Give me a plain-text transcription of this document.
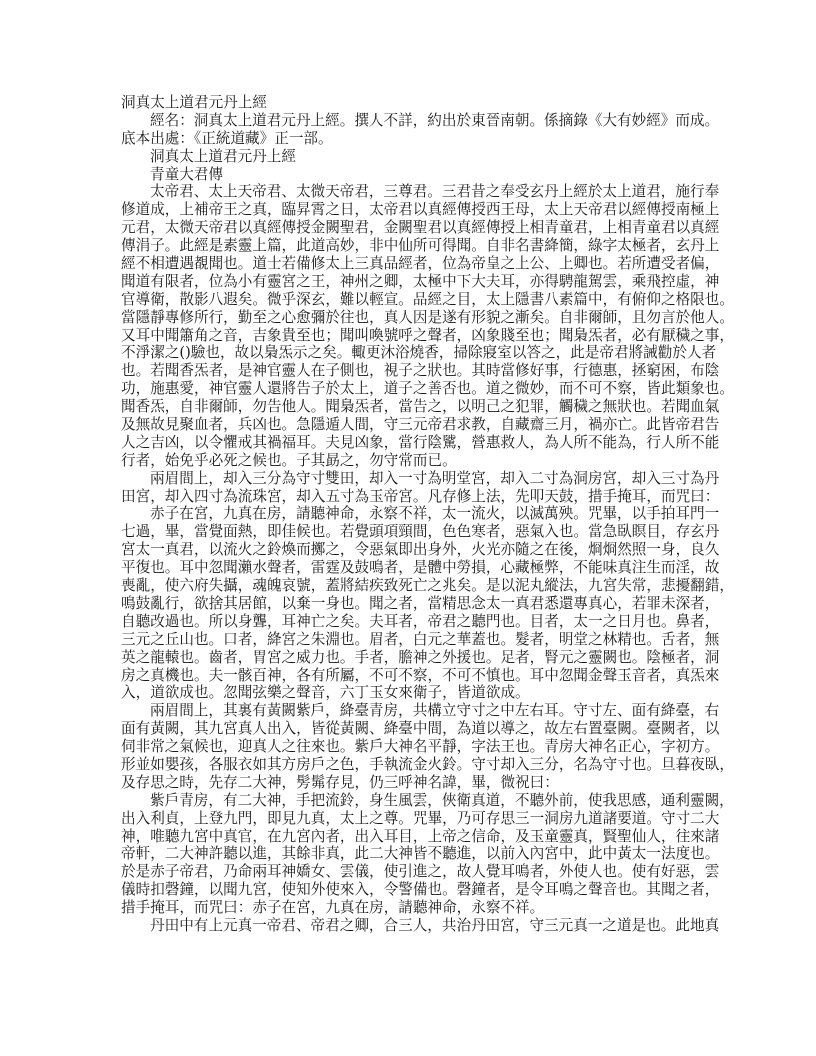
洞真太上道君元丹上經
經名：洞真太上道君元丹上經。撰人不詳，約出於東晉南朝。係摘錄《大有妙經》而成。
底本出處：《正統道藏》正一部。
洞真太上道君元丹上經
青童大君傳
太帝君、太上天帝君、太微天帝君，三尊君。三君昔之奉受玄丹上經於太上道君，施行奉
修道成，上補帝王之真，臨昇霄之日，太帝君以真經傳授西王母，太上天帝君以經傳授南極上
元君，太微天帝君以真經傳授金闕聖君，金闕聖君以真經傳授上相青童君，上相青童君以真經
傳涓子。此經是素靈上篇，此道高妙，非中仙所可得聞。自非名書絳簡，綠字太極者，玄丹上
經不相遭遇覩聞也。道士若備修太上三真品經者，位為帝皇之上公、上卿也。若所遭受者偏，
聞道有限者，位為小有靈宮之王，神州之卿，太極中下大夫耳，亦得騁龍駕雲，乘飛控虛，神
官導衛，散影八遐矣。微乎深玄，難以輕宣。品經之目，太上隱書八素篇中，有俯仰之格限也。
當隱靜專修所行，勤至之心愈彌於往也，真人因是遂有形貌之漸矣。自非爾師，且勿言於他人。
又耳中聞簫角之音，吉象貴至也；聞叫喚號呼之聲者，凶象賤至也；聞梟炁者，必有厭穢之事，
不淨潔之()驗也，故以梟炁示之矣。輙更沐浴燒香，掃除寢室以答之，此是帝君將誡勸於人者
也。若聞香炁者，是神官靈人在子側也，視子之狀也。其時當修好事，行德惠，拯窮困，布陰
功，施惠愛，神官靈人還將告子於太上，道子之善否也。道之微妙，而不可不察，皆此類象也。
聞香炁，自非爾師，勿告他人。聞梟炁者，當告之，以明己之犯罪，觸穢之無狀也。若聞血氣
及無故見聚血者，兵凶也。急隱遁人間，守三元帝君求教，自藏齋三月，禍亦亡。此皆帝君告
人之吉凶，以令懼戒其禍福耳。夫見凶象，當行陰騭，營惠救人，為人所不能為，行人所不能
行者，始免乎必死之候也。子其勗之，勿守常而已。
兩眉間上，却入三分為守寸雙田，却入一寸為明堂宮，却入二寸為洞房宮，却入三寸為丹
田宮，却入四寸為流珠宮，却入五寸為玉帝宮。凡存修上法，先叩天鼓，措手掩耳，而咒曰：
赤子在宮，九真在房，請聽神命，永察不祥，太一流火，以滅萬殃。咒畢，以手拍耳門一
七過，畢，當覺面熱，即佳候也。若覺頭項頸間，色色寒者，惡氣入也。當急臥瞑目，存玄丹
宮太一真君，以流火之鈴煥而擲之，令惡氣即出身外，火光亦隨之在後，烱烱然照一身，良久
平復也。耳中忽聞瀨水聲者，雷霆及鼓鳴者，是體中勞損，心藏極弊，不能味真注生而淫，故
喪亂，使六府失攝，魂魄哀號，蓋將結疾致死亡之兆矣。是以泥丸縱法，九宮失常，悲擾翻錯，
鳴鼓亂行，欲捨其居館，以棄一身也。聞之者，當精思念太一真君悉還專真心，若罪未深者，
自聽改過也。所以身聾，耳神亡之矣。夫耳者，帝君之聽門也。目者，太一之日月也。鼻者，
三元之丘山也。口者，絳宮之朱淵也。眉者，白元之華蓋也。髮者，明堂之林精也。舌者，無
英之龍轅也。齒者，胃宮之威力也。手者，膽神之外援也。足者，腎元之靈闕也。陰極者，洞
房之真機也。夫一骸百神，各有所屬，不可不察，不可不慎也。耳中忽聞金聲玉音者，真炁來
入，道欲成也。忽聞弦樂之聲音，六丁玉女來衛子，皆道欲成。
兩眉間上，其裏有黃闕紫戶，絳臺青房，共構立守寸之中左右耳。守寸左、面有絳臺，右
面有黃闕，其九宮真人出入，皆從黃闕、絳臺中間，為道以導之，故左右置臺闕。臺闕者，以
伺非常之氣候也，迎真人之往來也。紫戶大神名平靜，字法王也。青房大神名正心，字初方。
形並如嬰孩，各服衣如其方房戶之色，手執流金火鈴。守寸却入三分，名為守寸也。旦暮夜臥，
及存思之時，先存二大神，髣髴存見，仍三呼神名諱，畢，微祝曰：
紫戶青房，有二大神，手把流鈴，身生風雲，俠衛真道，不聽外前，使我思感，通利靈闕，
出入利貞，上登九門，即見九真，太上之尊。咒畢，乃可存思三一洞房九道諸要道。守寸二大
神，唯聽九宮中真官，在九宮內者，出入耳目，上帝之信命，及玉童靈真，賢聖仙人，往來諸
帝軒，二大神許聽以進，其餘非真，此二大神皆不聽進，以前入內宮中，此中黃太一法度也。
於是赤子帝君，乃命兩耳神嬌女、雲儀，使引進之，故人覺耳鳴者，外使人也。使有好惡，雲
儀時扣磬鐘，以聞九宮，使知外使來入，令警備也。磬鐘者，是令耳鳴之聲音也。其聞之者，
措手掩耳，而咒曰：赤子在宮，九真在房，請聽神命，永察不祥。
丹田中有上元真一帝君、帝君之卿，合三人，共治丹田宮，守三元真一之道是也。此地真
